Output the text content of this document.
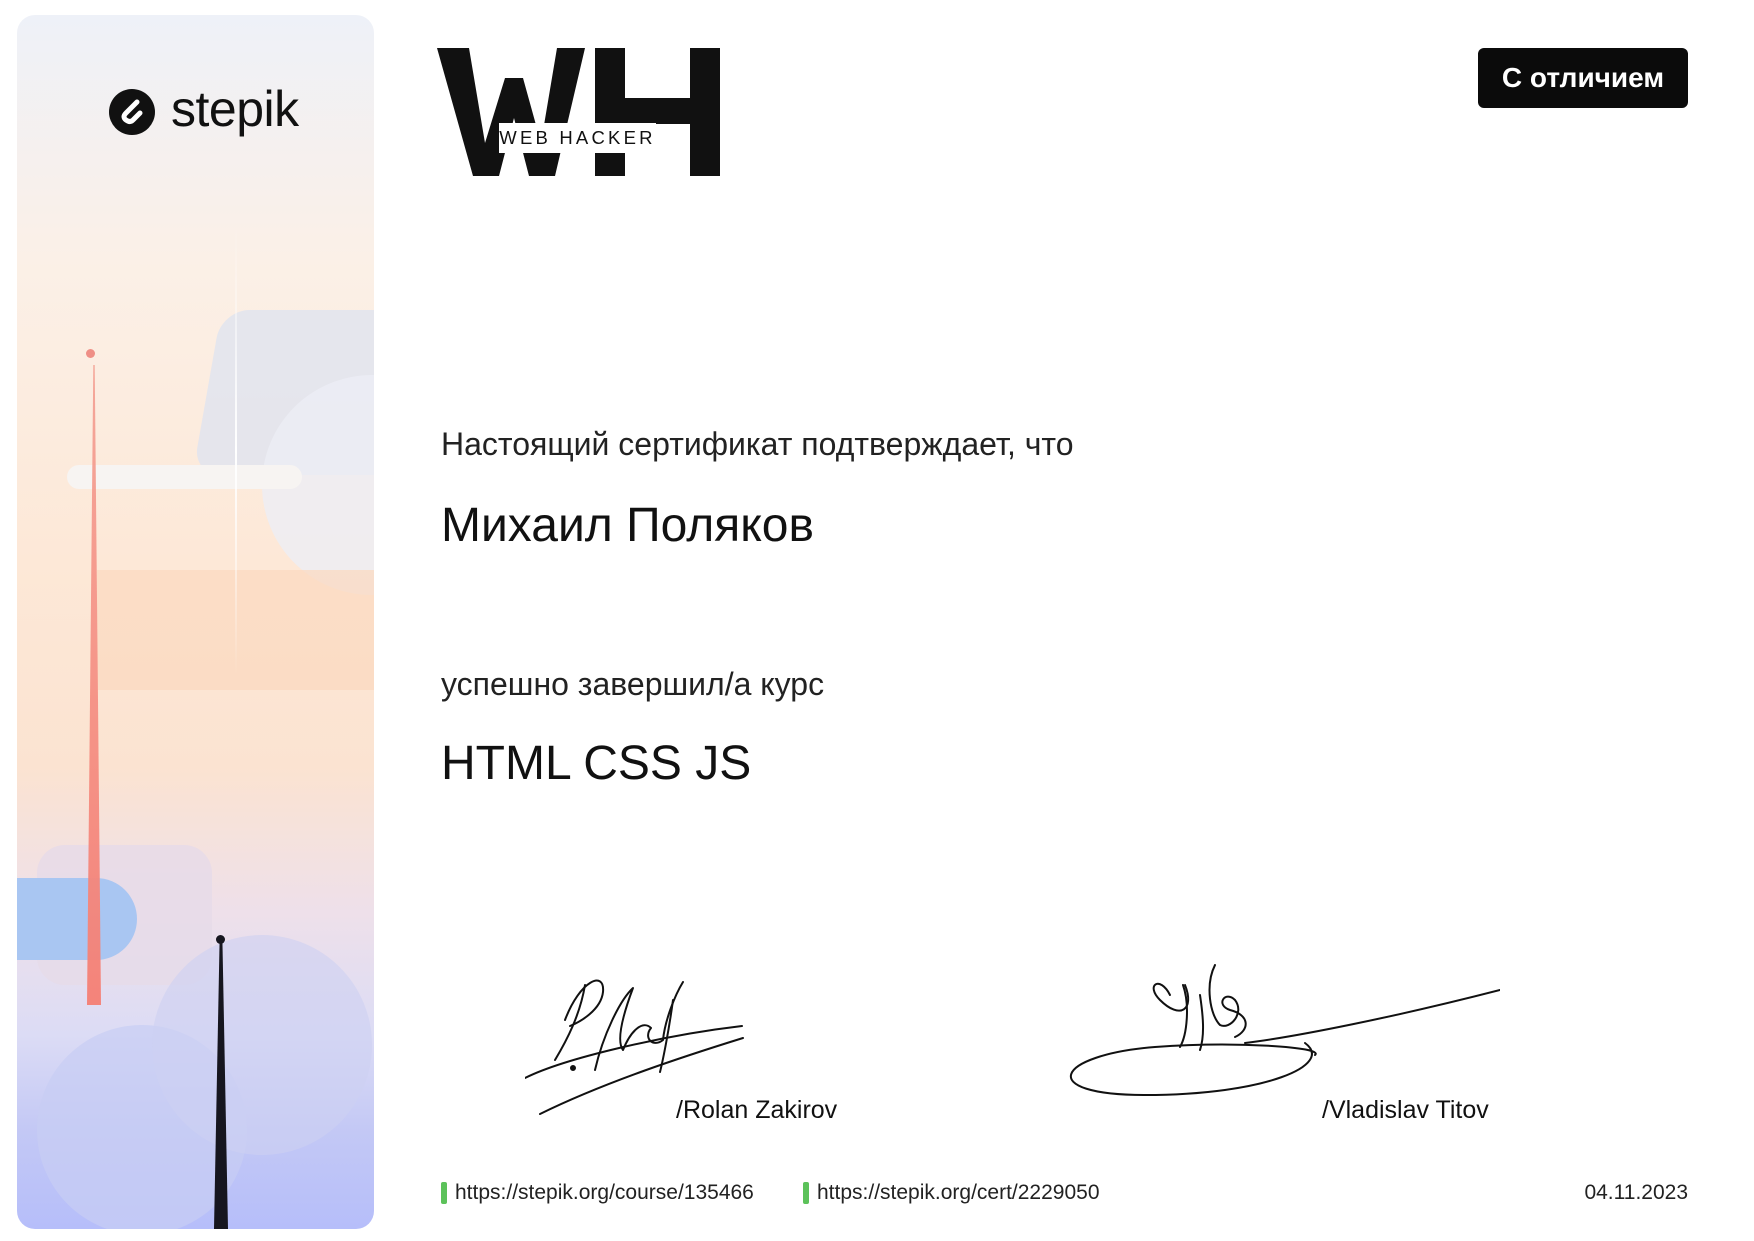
stepik
WEB HACKER
С отличием
Настоящий сертификат подтверждает, что
Михаил Поляков
успешно завершил/а курс
HTML CSS JS
/Rolan Zakirov	/Vladislav Titov
https://stepik.org/course/135466	https://stepik.org/cert/2229050	04.11.2023
